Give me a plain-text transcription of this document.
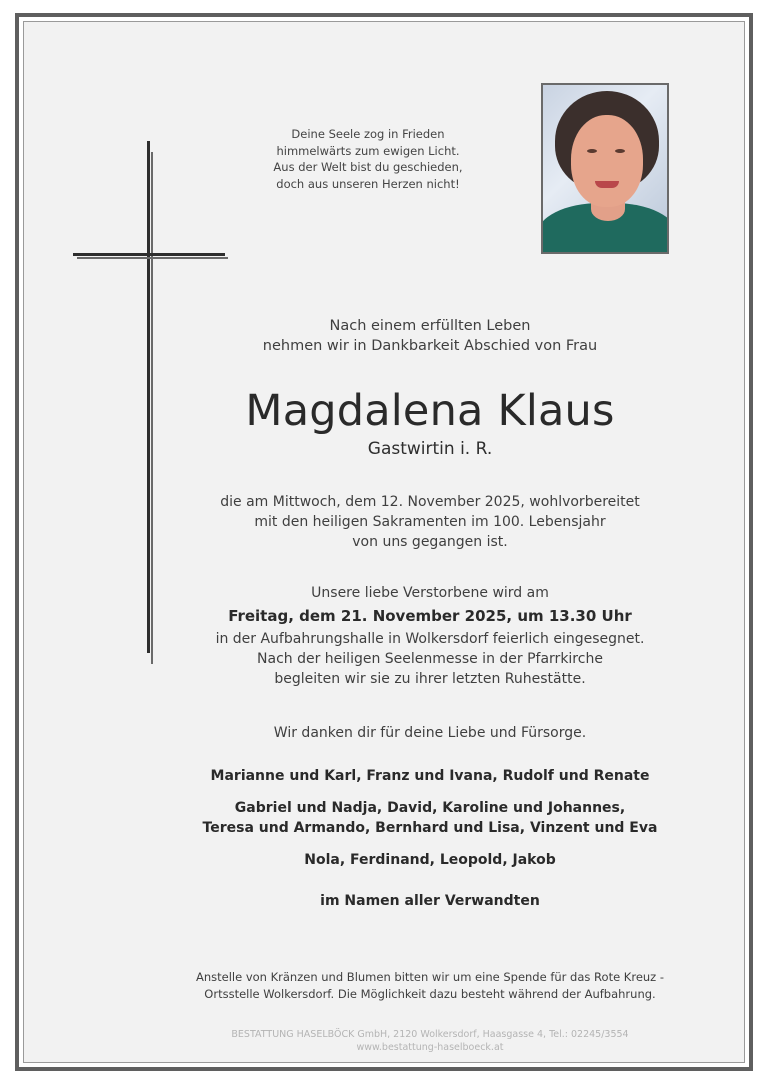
Deine Seele zog in Frieden
himmelwärts zum ewigen Licht.
Aus der Welt bist du geschieden,
doch aus unseren Herzen nicht!
Nach einem erfüllten Leben
nehmen wir in Dankbarkeit Abschied von Frau
Magdalena Klaus
Gastwirtin i. R.
die am Mittwoch, dem 12. November 2025, wohlvorbereitet
mit den heiligen Sakramenten im 100. Lebensjahr
von uns gegangen ist.
Unsere liebe Verstorbene wird am
Freitag, dem 21. November 2025, um 13.30 Uhr
in der Aufbahrungshalle in Wolkersdorf feierlich eingesegnet.
Nach der heiligen Seelenmesse in der Pfarrkirche
begleiten wir sie zu ihrer letzten Ruhestätte.
Wir danken dir für deine Liebe und Fürsorge.
Marianne und Karl, Franz und Ivana, Rudolf und Renate
Gabriel und Nadja, David, Karoline und Johannes,
Teresa und Armando, Bernhard und Lisa, Vinzent und Eva
Nola, Ferdinand, Leopold, Jakob
im Namen aller Verwandten
Anstelle von Kränzen und Blumen bitten wir um eine Spende für das Rote Kreuz -
Ortsstelle Wolkersdorf. Die Möglichkeit dazu besteht während der Aufbahrung.
BESTATTUNG HASELBÖCK GmbH, 2120 Wolkersdorf, Haasgasse 4, Tel.: 02245/3554
www.bestattung-haselboeck.at
